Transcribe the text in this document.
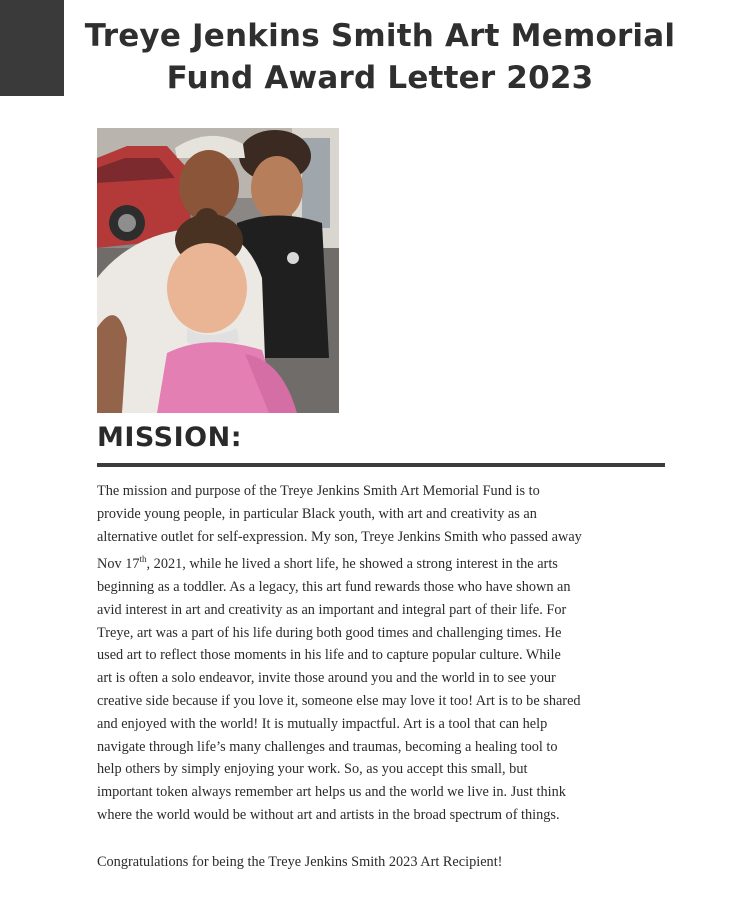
Treye Jenkins Smith Art Memorial
Fund Award Letter 2023
MISSION:
The mission and purpose of the Treye Jenkins Smith Art Memorial Fund is to
provide young people, in particular Black youth, with art and creativity as an
alternative outlet for self-expression. My son, Treye Jenkins Smith who passed away
Nov 17th, 2021, while he lived a short life, he showed a strong interest in the arts
beginning as a toddler. As a legacy, this art fund rewards those who have shown an
avid interest in art and creativity as an important and integral part of their life. For
Treye, art was a part of his life during both good times and challenging times. He
used art to reflect those moments in his life and to capture popular culture. While
art is often a solo endeavor, invite those around you and the world in to see your
creative side because if you love it, someone else may love it too! Art is to be shared
and enjoyed with the world! It is mutually impactful. Art is a tool that can help
navigate through life’s many challenges and traumas, becoming a healing tool to
help others by simply enjoying your work. So, as you accept this small, but
important token always remember art helps us and the world we live in. Just think
where the world would be without art and artists in the broad spectrum of things.

Congratulations for being the Treye Jenkins Smith 2023 Art Recipient!
